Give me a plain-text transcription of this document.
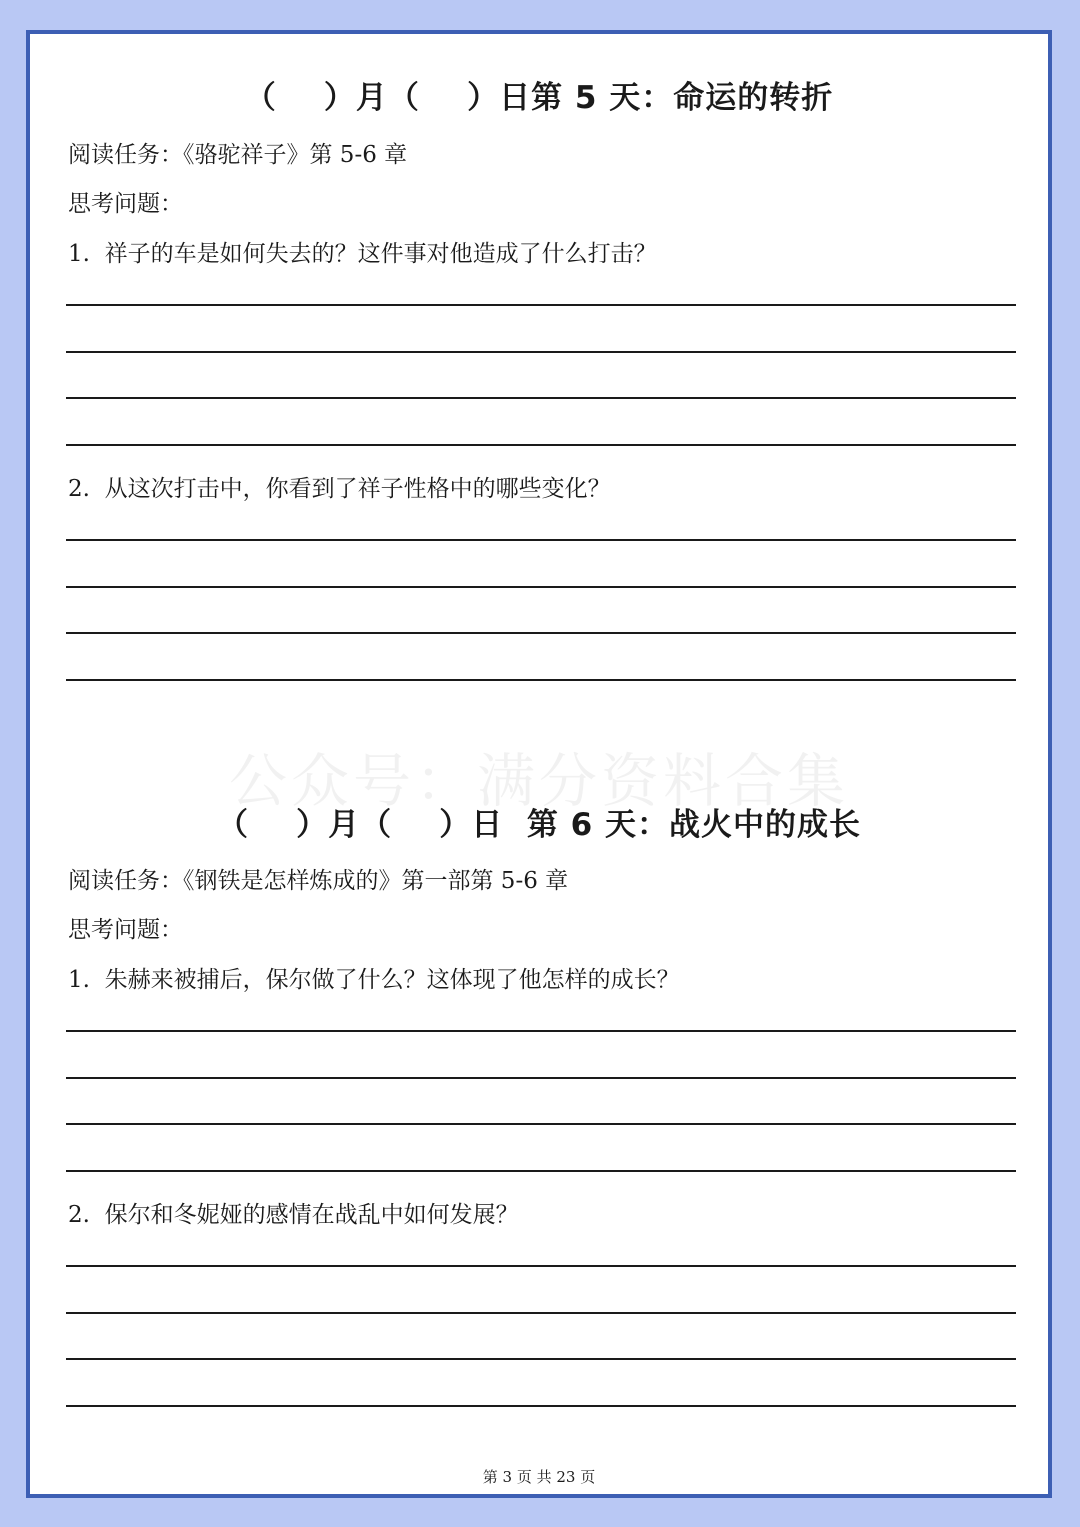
（    ）月（    ）日第 5 天：命运的转折
阅读任务：《骆驼祥子》第 5-6 章
思考问题：
1.  祥子的车是如何失去的？这件事对他造成了什么打击？
2.  从这次打击中，你看到了祥子性格中的哪些变化？
公众号：满分资料合集
（    ）月（    ）日  第 6 天：战火中的成长
阅读任务：《钢铁是怎样炼成的》第一部第 5-6 章
思考问题：
1.  朱赫来被捕后，保尔做了什么？这体现了他怎样的成长？
2.  保尔和冬妮娅的感情在战乱中如何发展？
第 3 页 共 23 页
